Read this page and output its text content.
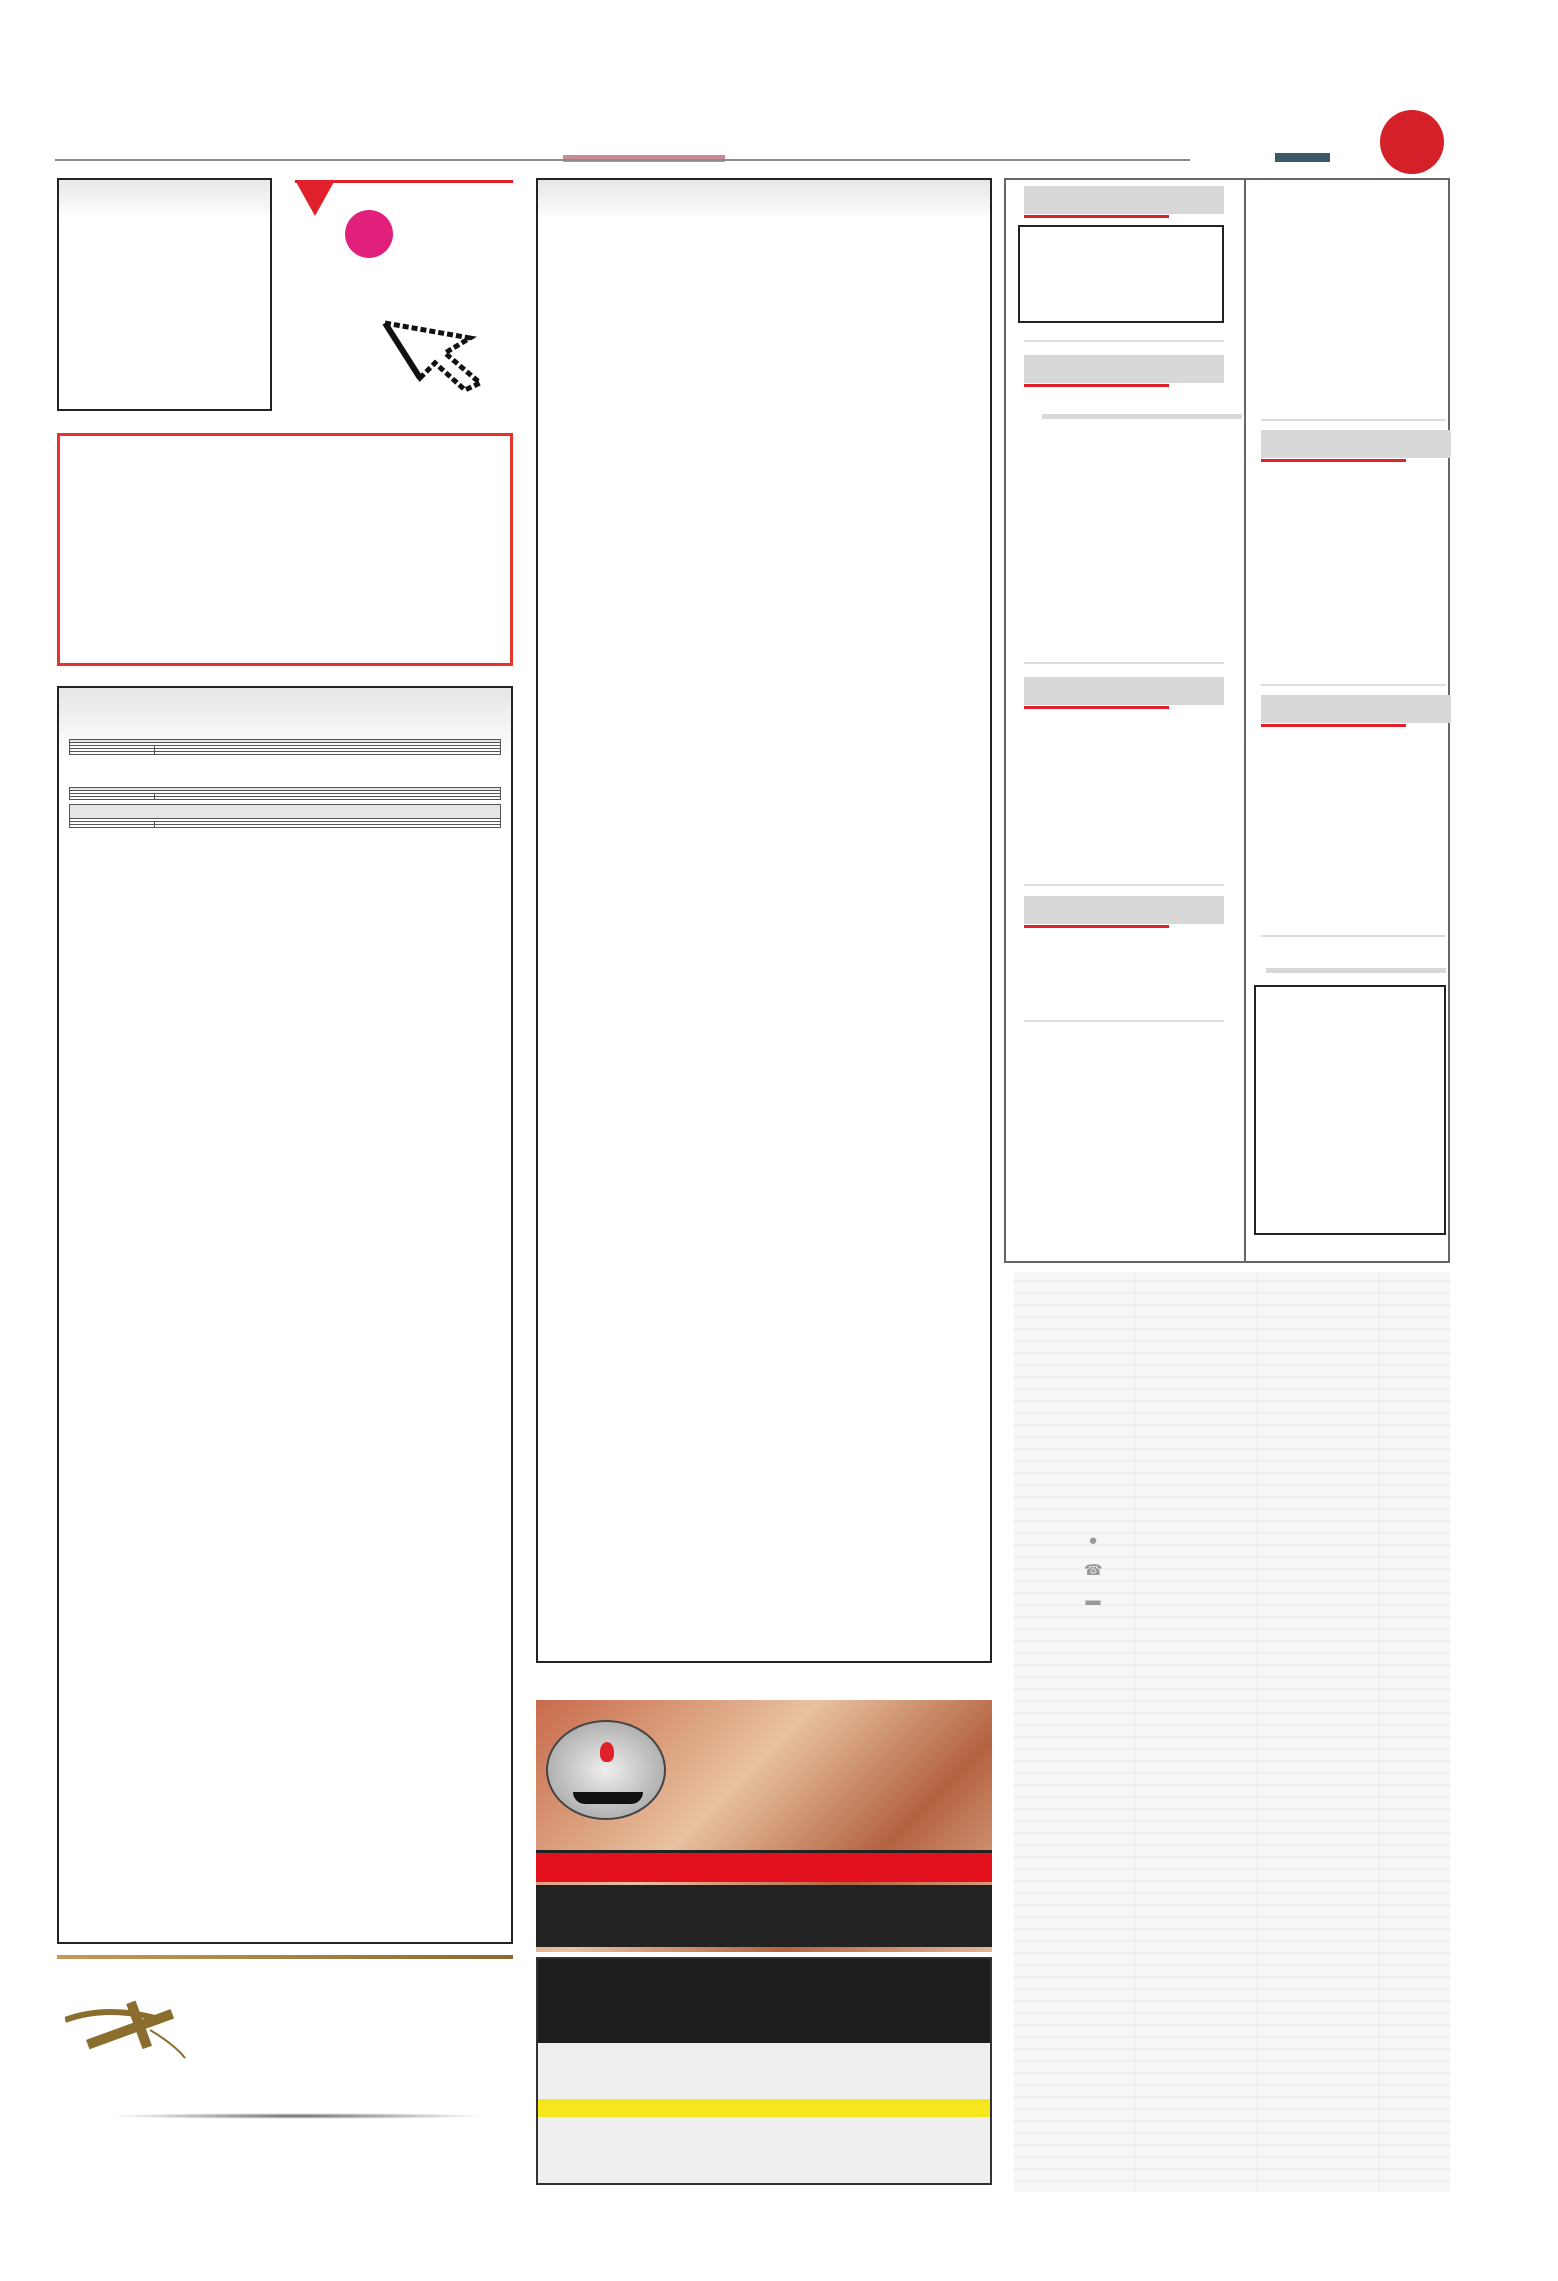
●
☎
▬
